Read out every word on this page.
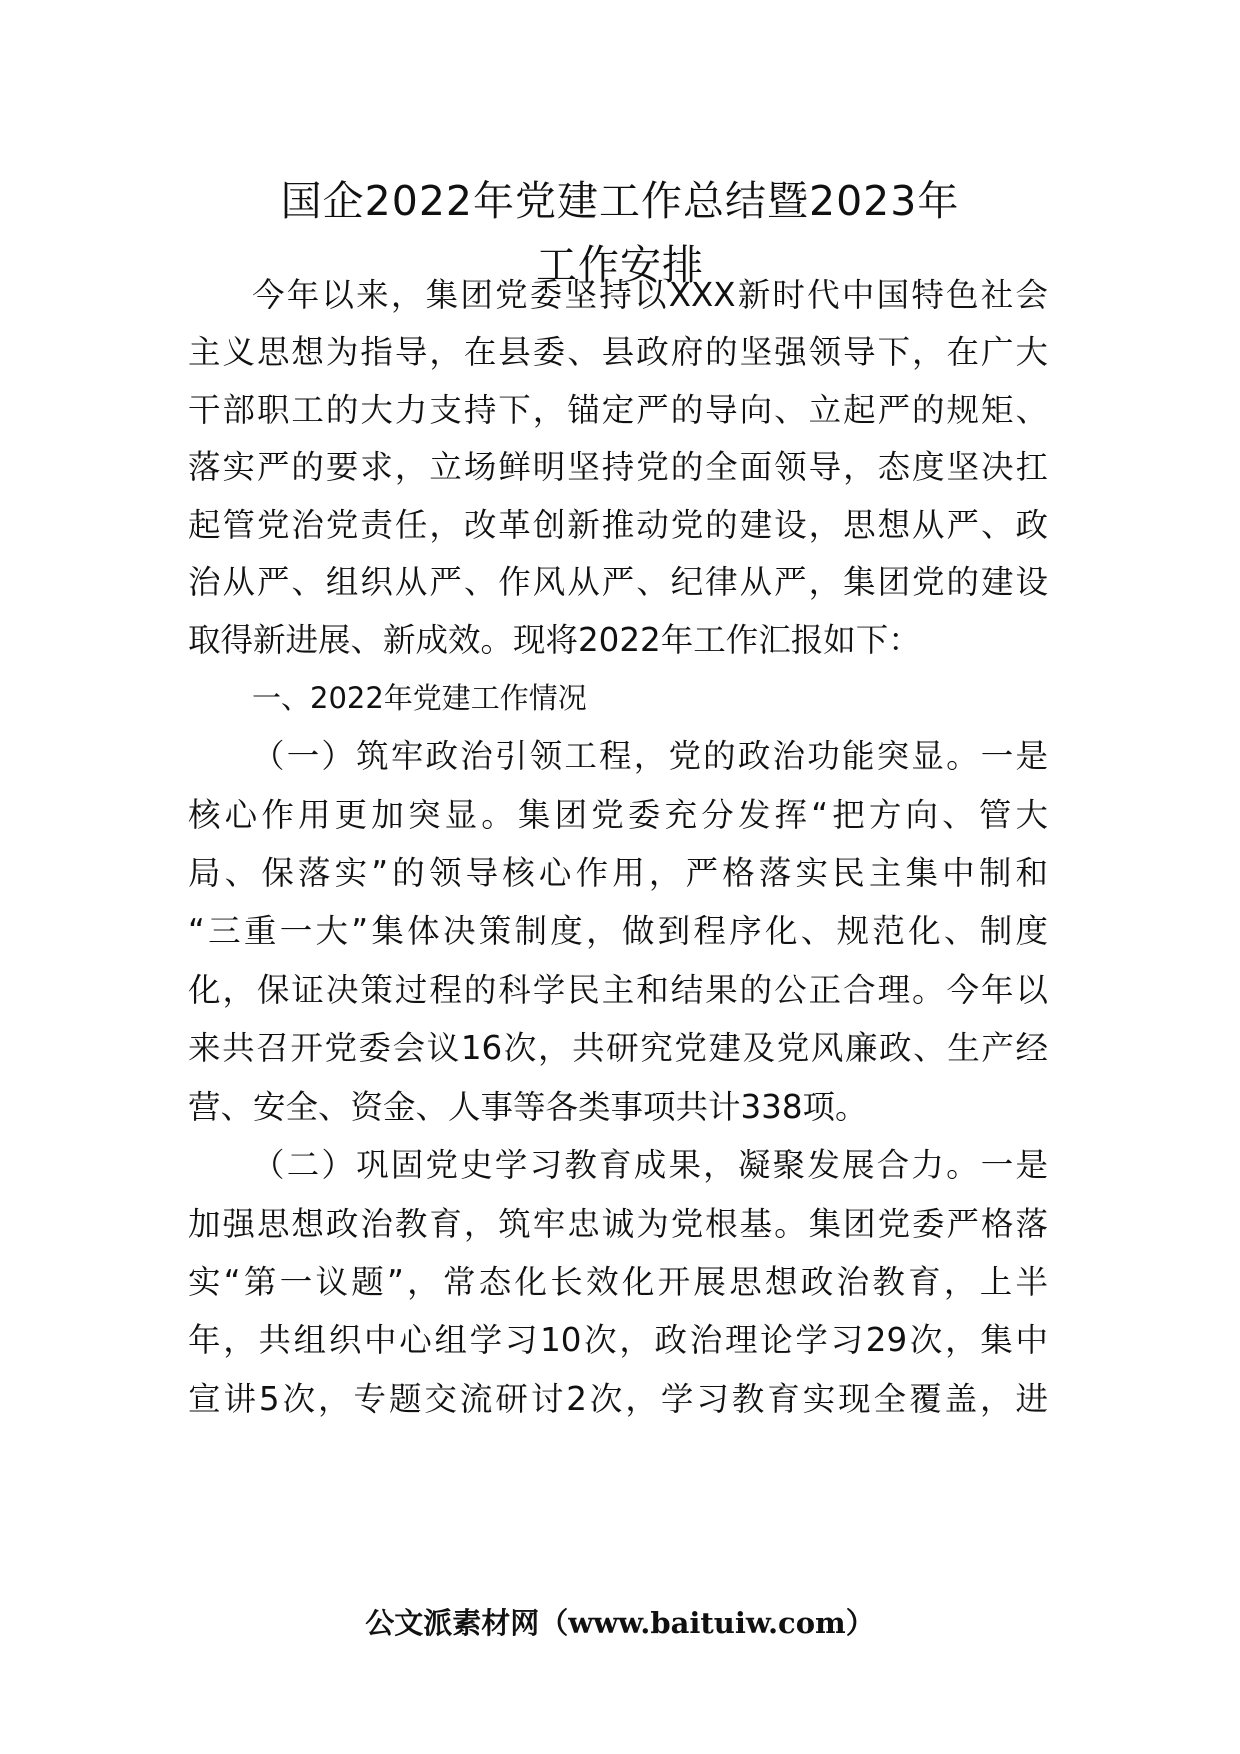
国企2022年党建工作总结暨2023年
工作安排
今年以来，集团党委坚持以XXX新时代中国特色社会
主义思想为指导，在县委、县政府的坚强领导下，在广大
干部职工的大力支持下，锚定严的导向、立起严的规矩、
落实严的要求，立场鲜明坚持党的全面领导，态度坚决扛
起管党治党责任，改革创新推动党的建设，思想从严、政
治从严、组织从严、作风从严、纪律从严，集团党的建设
取得新进展、新成效。现将2022年工作汇报如下：
一、2022年党建工作情况
（一）筑牢政治引领工程，党的政治功能突显。一是
核心作用更加突显。集团党委充分发挥“把方向、管大
局、保落实”的领导核心作用，严格落实民主集中制和
“三重一大”集体决策制度，做到程序化、规范化、制度
化，保证决策过程的科学民主和结果的公正合理。今年以
来共召开党委会议16次，共研究党建及党风廉政、生产经
营、安全、资金、人事等各类事项共计338项。
（二）巩固党史学习教育成果，凝聚发展合力。一是
加强思想政治教育，筑牢忠诚为党根基。集团党委严格落
实“第一议题”，常态化长效化开展思想政治教育，上半
年，共组织中心组学习10次，政治理论学习29次，集中
宣讲5次，专题交流研讨2次，学习教育实现全覆盖，进
公文派素材网（www.baituiw.com）
